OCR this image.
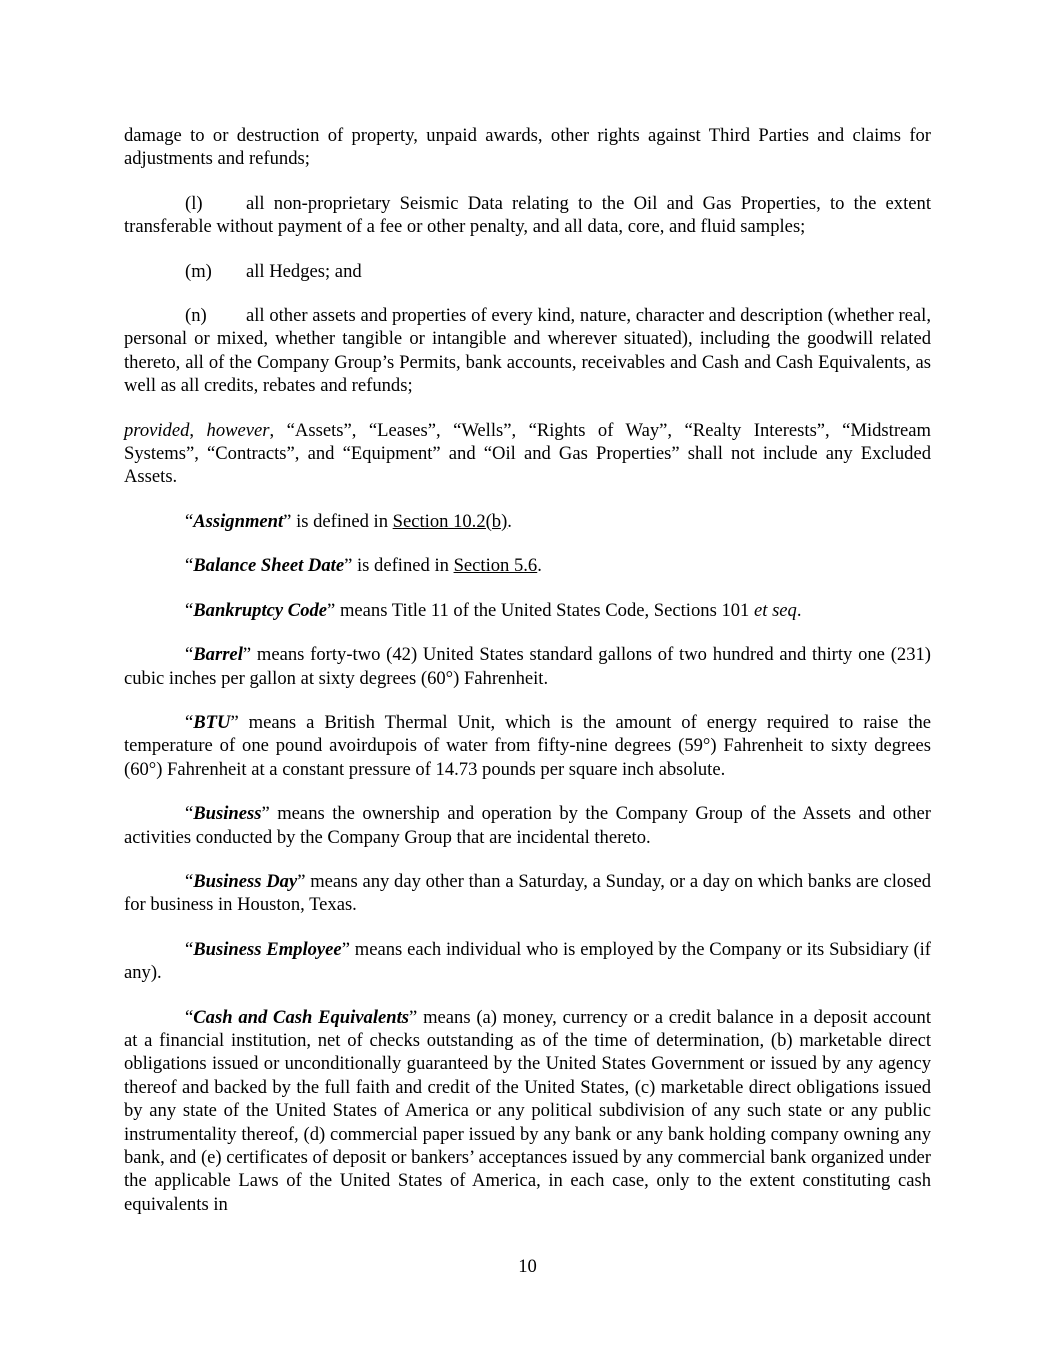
damage to or destruction of property, unpaid awards, other rights against Third Parties and claims for adjustments and refunds;

(l) all non-proprietary Seismic Data relating to the Oil and Gas Properties, to the extent transferable without payment of a fee or other penalty, and all data, core, and fluid samples;

(m) all Hedges; and

(n) all other assets and properties of every kind, nature, character and description (whether real, personal or mixed, whether tangible or intangible and wherever situated), including the goodwill related thereto, all of the Company Group’s Permits, bank accounts, receivables and Cash and Cash Equivalents, as well as all credits, rebates and refunds;

provided, however, “Assets”, “Leases”, “Wells”, “Rights of Way”, “Realty Interests”, “Midstream Systems”, “Contracts”, and “Equipment” and “Oil and Gas Properties” shall not include any Excluded Assets.

“Assignment” is defined in Section 10.2(b).

“Balance Sheet Date” is defined in Section 5.6.

“Bankruptcy Code” means Title 11 of the United States Code, Sections 101 et seq.

“Barrel” means forty-two (42) United States standard gallons of two hundred and thirty one (231) cubic inches per gallon at sixty degrees (60°) Fahrenheit.

“BTU” means a British Thermal Unit, which is the amount of energy required to raise the temperature of one pound avoirdupois of water from fifty-nine degrees (59°) Fahrenheit to sixty degrees (60°) Fahrenheit at a constant pressure of 14.73 pounds per square inch absolute.

“Business” means the ownership and operation by the Company Group of the Assets and other activities conducted by the Company Group that are incidental thereto.

“Business Day” means any day other than a Saturday, a Sunday, or a day on which banks are closed for business in Houston, Texas.

“Business Employee” means each individual who is employed by the Company or its Subsidiary (if any).

“Cash and Cash Equivalents” means (a) money, currency or a credit balance in a deposit account at a financial institution, net of checks outstanding as of the time of determination, (b) marketable direct obligations issued or unconditionally guaranteed by the United States Government or issued by any agency thereof and backed by the full faith and credit of the United States, (c) marketable direct obligations issued by any state of the United States of America or any political subdivision of any such state or any public instrumentality thereof, (d) commercial paper issued by any bank or any bank holding company owning any bank, and (e) certificates of deposit or bankers’ acceptances issued by any commercial bank organized under the applicable Laws of the United States of America, in each case, only to the extent constituting cash equivalents in

10
